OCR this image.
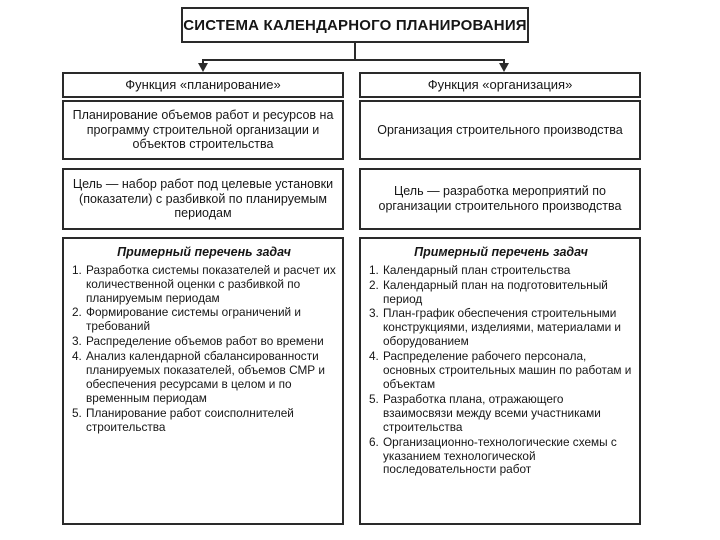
СИСТЕМА КАЛЕНДАРНОГО ПЛАНИРОВАНИЯ
Функция «планирование»
Планирование объемов работ и ресурсов на программу строительной организации и объектов строительства
Цель — набор работ под целевые установки (показатели) с разбивкой по планируемым периодам
Примерный перечень задач
1. Разработка системы показателей и расчет их количественной оценки с разбивкой по планируемым периодам
2. Формирование системы ограничений и требований
3. Распределение объемов работ во времени
4. Анализ календарной сбалансированности планируемых показателей, объемов СМР и обеспечения ресурсами в целом и по временным периодам
5. Планирование работ соисполнителей строительства
Функция «организация»
Организация строительного производства
Цель — разработка мероприятий по организации строительного производства
Примерный перечень задач
1. Календарный план строительства
2. Календарный план на подготовительный период
3. План-график обеспечения строительными конструкциями, изделиями, материалами и оборудованием
4. Распределение рабочего персонала, основных строительных машин по работам и объектам
5. Разработка плана, отражающего взаимосвязи между всеми участниками строительства
6. Организационно-технологические схемы с указанием технологической последовательности работ
